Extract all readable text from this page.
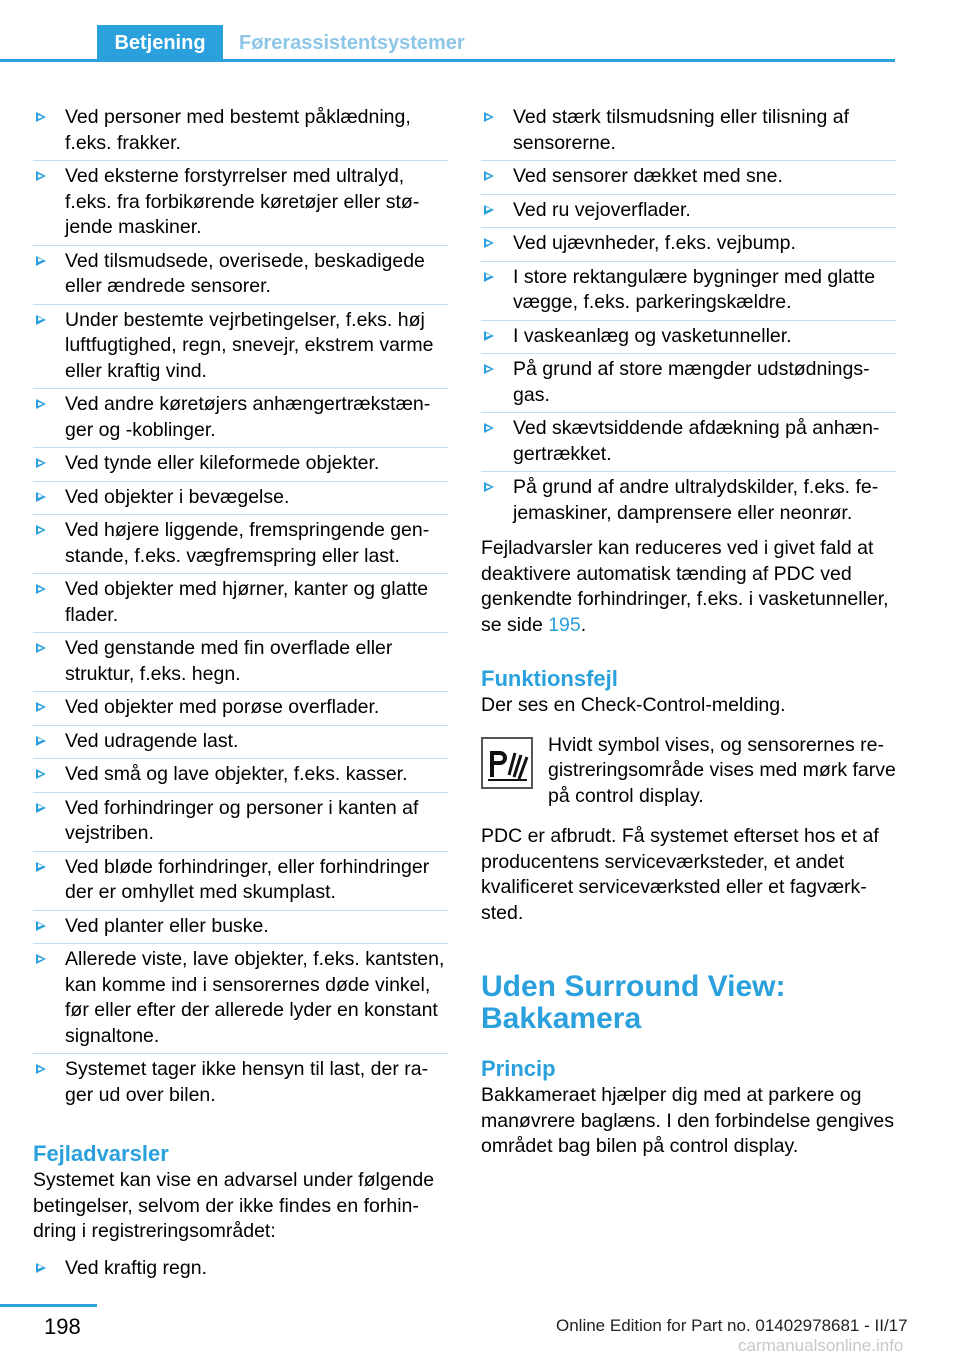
Betjening	Førerassistentsystemer
Ved personer med bestemt påklædning, f.eks. frakker.
Ved eksterne forstyrrelser med ultralyd, f.eks. fra forbikørende køretøjer eller støjende maskiner.
Ved tilsmudsede, overisede, beskadigede eller ændrede sensorer.
Under bestemte vejrbetingelser, f.eks. høj luftfugtighed, regn, snevejr, ekstrem varme eller kraftig vind.
Ved andre køretøjers anhængertrækstænger og -koblinger.
Ved tynde eller kileformede objekter.
Ved objekter i bevægelse.
Ved højere liggende, fremspringende genstande, f.eks. vægfremspring eller last.
Ved objekter med hjørner, kanter og glatte flader.
Ved genstande med fin overflade eller struktur, f.eks. hegn.
Ved objekter med porøse overflader.
Ved udragende last.
Ved små og lave objekter, f.eks. kasser.
Ved forhindringer og personer i kanten af vejstriben.
Ved bløde forhindringer, eller forhindringer der er omhyllet med skumplast.
Ved planter eller buske.
Allerede viste, lave objekter, f.eks. kantsten, kan komme ind i sensorernes døde vinkel, før eller efter der allerede lyder en konstant signaltone.
Systemet tager ikke hensyn til last, der rager ud over bilen.

Fejladvarsler

Systemet kan vise en advarsel under følgende betingelser, selvom der ikke findes en forhindring i registreringsområdet:

Ved kraftig regn.
Ved stærk tilsmudsning eller tilisning af sensorerne.
Ved sensorer dækket med sne.
Ved ru vejoverflader.
Ved ujævnheder, f.eks. vejbump.
I store rektangulære bygninger med glatte vægge, f.eks. parkeringskældre.
I vaskeanlæg og vasketunneller.
På grund af store mængder udstødningsgas.
Ved skævtsiddende afdækning på anhængertrækket.
På grund af andre ultralydskilder, f.eks. fejemaskiner, damprensere eller neonrør.

Fejladvarsler kan reduceres ved i givet fald at deaktivere automatisk tænding af PDC ved genkendte forhindringer, f.eks. i vasketunneller, se side 195.

Funktionsfejl

Der ses en Check-Control-melding.

Hvidt symbol vises, og sensorernes registreringsområde vises med mørk farve på control display.

PDC er afbrudt. Få systemet efterset hos et af producentens serviceværksteder, et andet kvalificeret serviceværksted eller et fagværksted.

Uden Surround View: Bakkamera

Princip

Bakkameraet hjælper dig med at parkere og manøvrere baglæns. I den forbindelse gengives området bag bilen på control display.

198	Online Edition for Part no. 01402978681 - II/17
carmanualsonline.info
